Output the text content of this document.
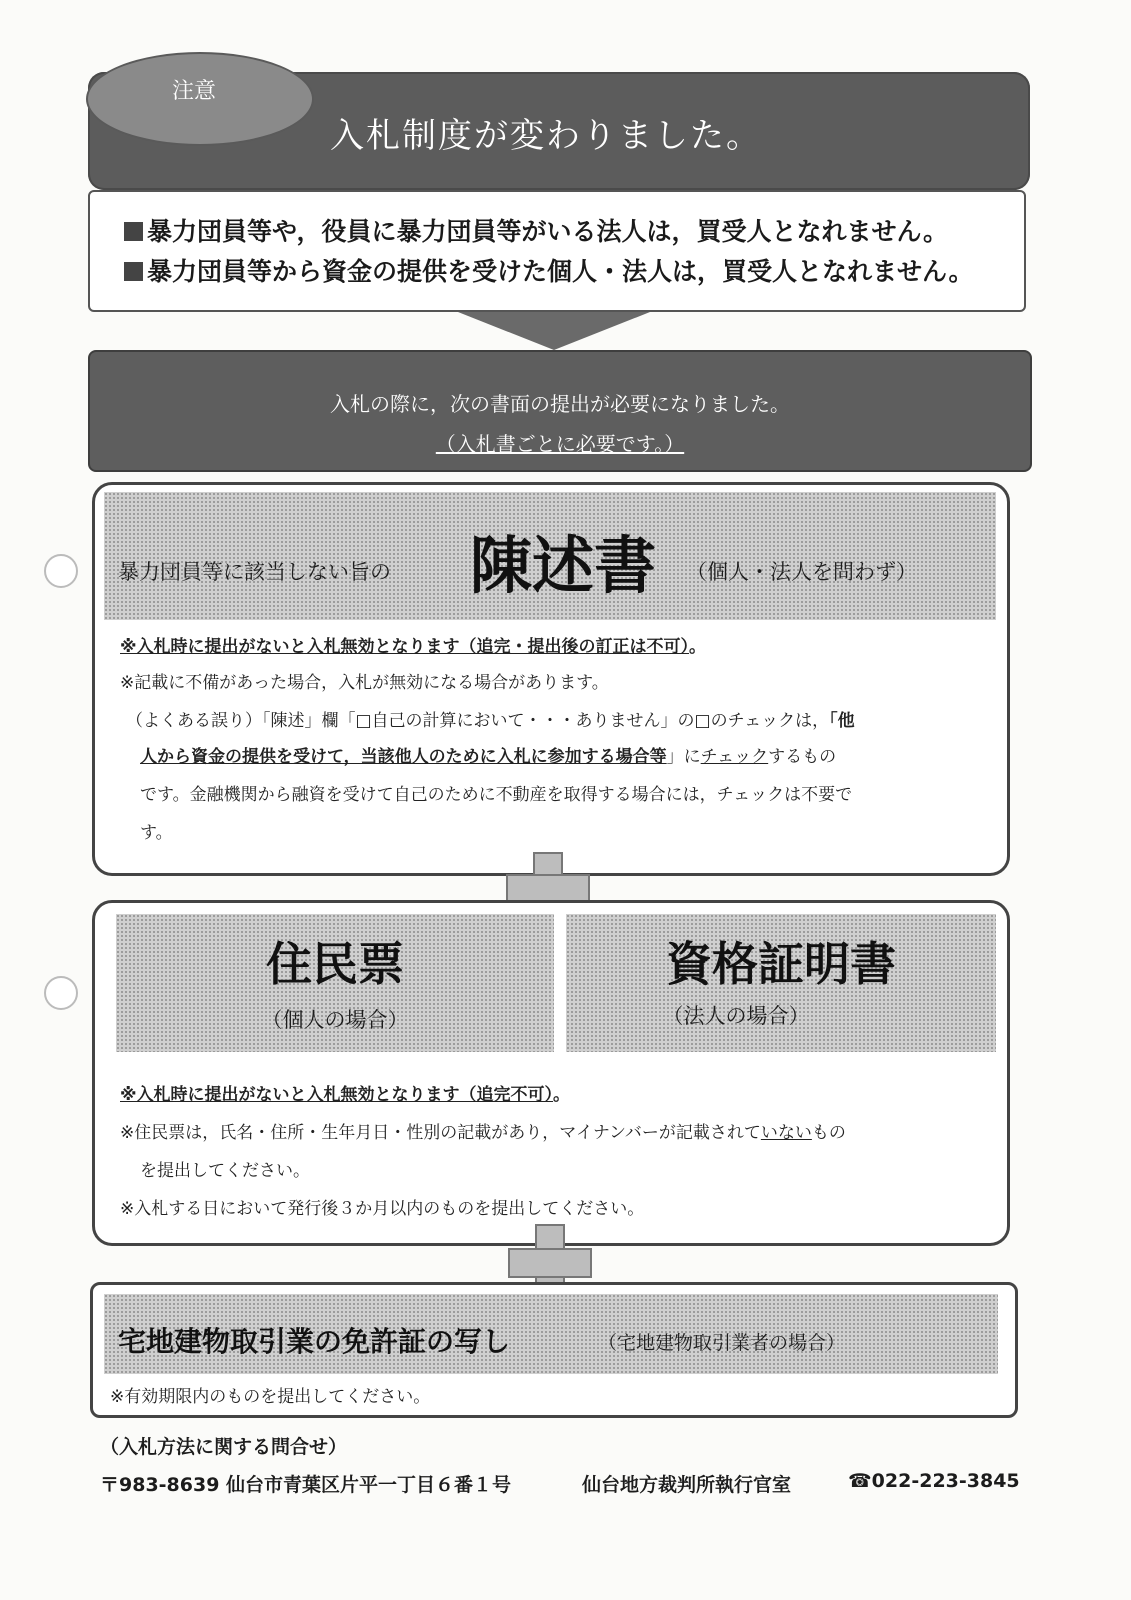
注意
入札制度が変わりました。
暴力団員等や，役員に暴力団員等がいる法人は，買受人となれません。
暴力団員等から資金の提供を受けた個人・法人は，買受人となれません。
入札の際に，次の書面の提出が必要になりました。
（入札書ごとに必要です。）
暴力団員等に該当しない旨の 陳述書 （個人・法人を問わず）
※入札時に提出がないと入札無効となります（追完・提出後の訂正は不可）。
※記載に不備があった場合，入札が無効になる場合があります。
（よくある誤り）「陳述」欄「□自己の計算において・・・ありません」の□のチェックは，「他
人から資金の提供を受けて，当該他人のために入札に参加する場合等」にチェックするもの
です。金融機関から融資を受けて自己のために不動産を取得する場合には，チェックは不要で
す。
住民票
（個人の場合）
資格証明書
（法人の場合）
※入札時に提出がないと入札無効となります（追完不可）。
※住民票は，氏名・住所・生年月日・性別の記載があり，マイナンバーが記載されていないもの
を提出してください。
※入札する日において発行後３か月以内のものを提出してください。
宅地建物取引業の免許証の写し	（宅地建物取引業者の場合）
※有効期限内のものを提出してください。
（入札方法に関する問合せ）
〒983-8639 仙台市青葉区片平一丁目６番１号	仙台地方裁判所執行官室	☎022-223-3845
